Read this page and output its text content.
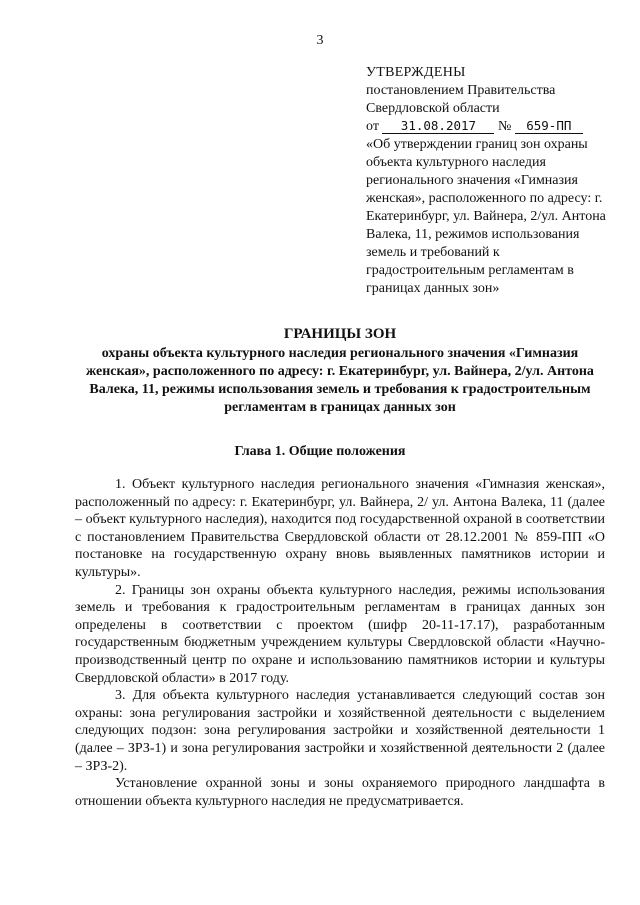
3
УТВЕРЖДЕНЫ
постановлением Правительства
Свердловской области
от 31.08.2017 № 659-ПП

«Об утверждении границ зон охраны объекта культурного наследия регионального значения «Гимназия женская», расположенного по адресу: г. Екатеринбург, ул. Вайнера, 2/ул. Антона Валека, 11, режимов использования земель и требований к градостроительным регламентам в границах данных зон»

ГРАНИЦЫ ЗОН
охраны объекта культурного наследия регионального значения «Гимназия женская», расположенного по адресу: г. Екатеринбург, ул. Вайнера, 2/ул. Антона Валека, 11, режимы использования земель и требования к градостроительным регламентам в границах данных зон
Глава 1. Общие положения

1. Объект культурного наследия регионального значения «Гимназия женская», расположенный по адресу: г. Екатеринбург, ул. Вайнера, 2/ ул. Антона Валека, 11 (далее – объект культурного наследия), находится под государственной охраной в соответствии с постановлением Правительства Свердловской области от 28.12.2001 № 859-ПП «О постановке на государственную охрану вновь выявленных памятников истории и культуры».

2. Границы зон охраны объекта культурного наследия, режимы использования земель и требования к градостроительным регламентам в границах данных зон определены в соответствии с проектом (шифр 20-11-17.17), разработанным государственным бюджетным учреждением культуры Свердловской области «Научно-производственный центр по охране и использованию памятников истории и культуры Свердловской области» в 2017 году.

3. Для объекта культурного наследия устанавливается следующий состав зон охраны: зона регулирования застройки и хозяйственной деятельности с выделением следующих подзон: зона регулирования застройки и хозяйственной деятельности 1 (далее – ЗРЗ-1) и зона регулирования застройки и хозяйственной деятельности 2 (далее – ЗРЗ-2).

Установление охранной зоны и зоны охраняемого природного ландшафта в отношении объекта культурного наследия не предусматривается.
